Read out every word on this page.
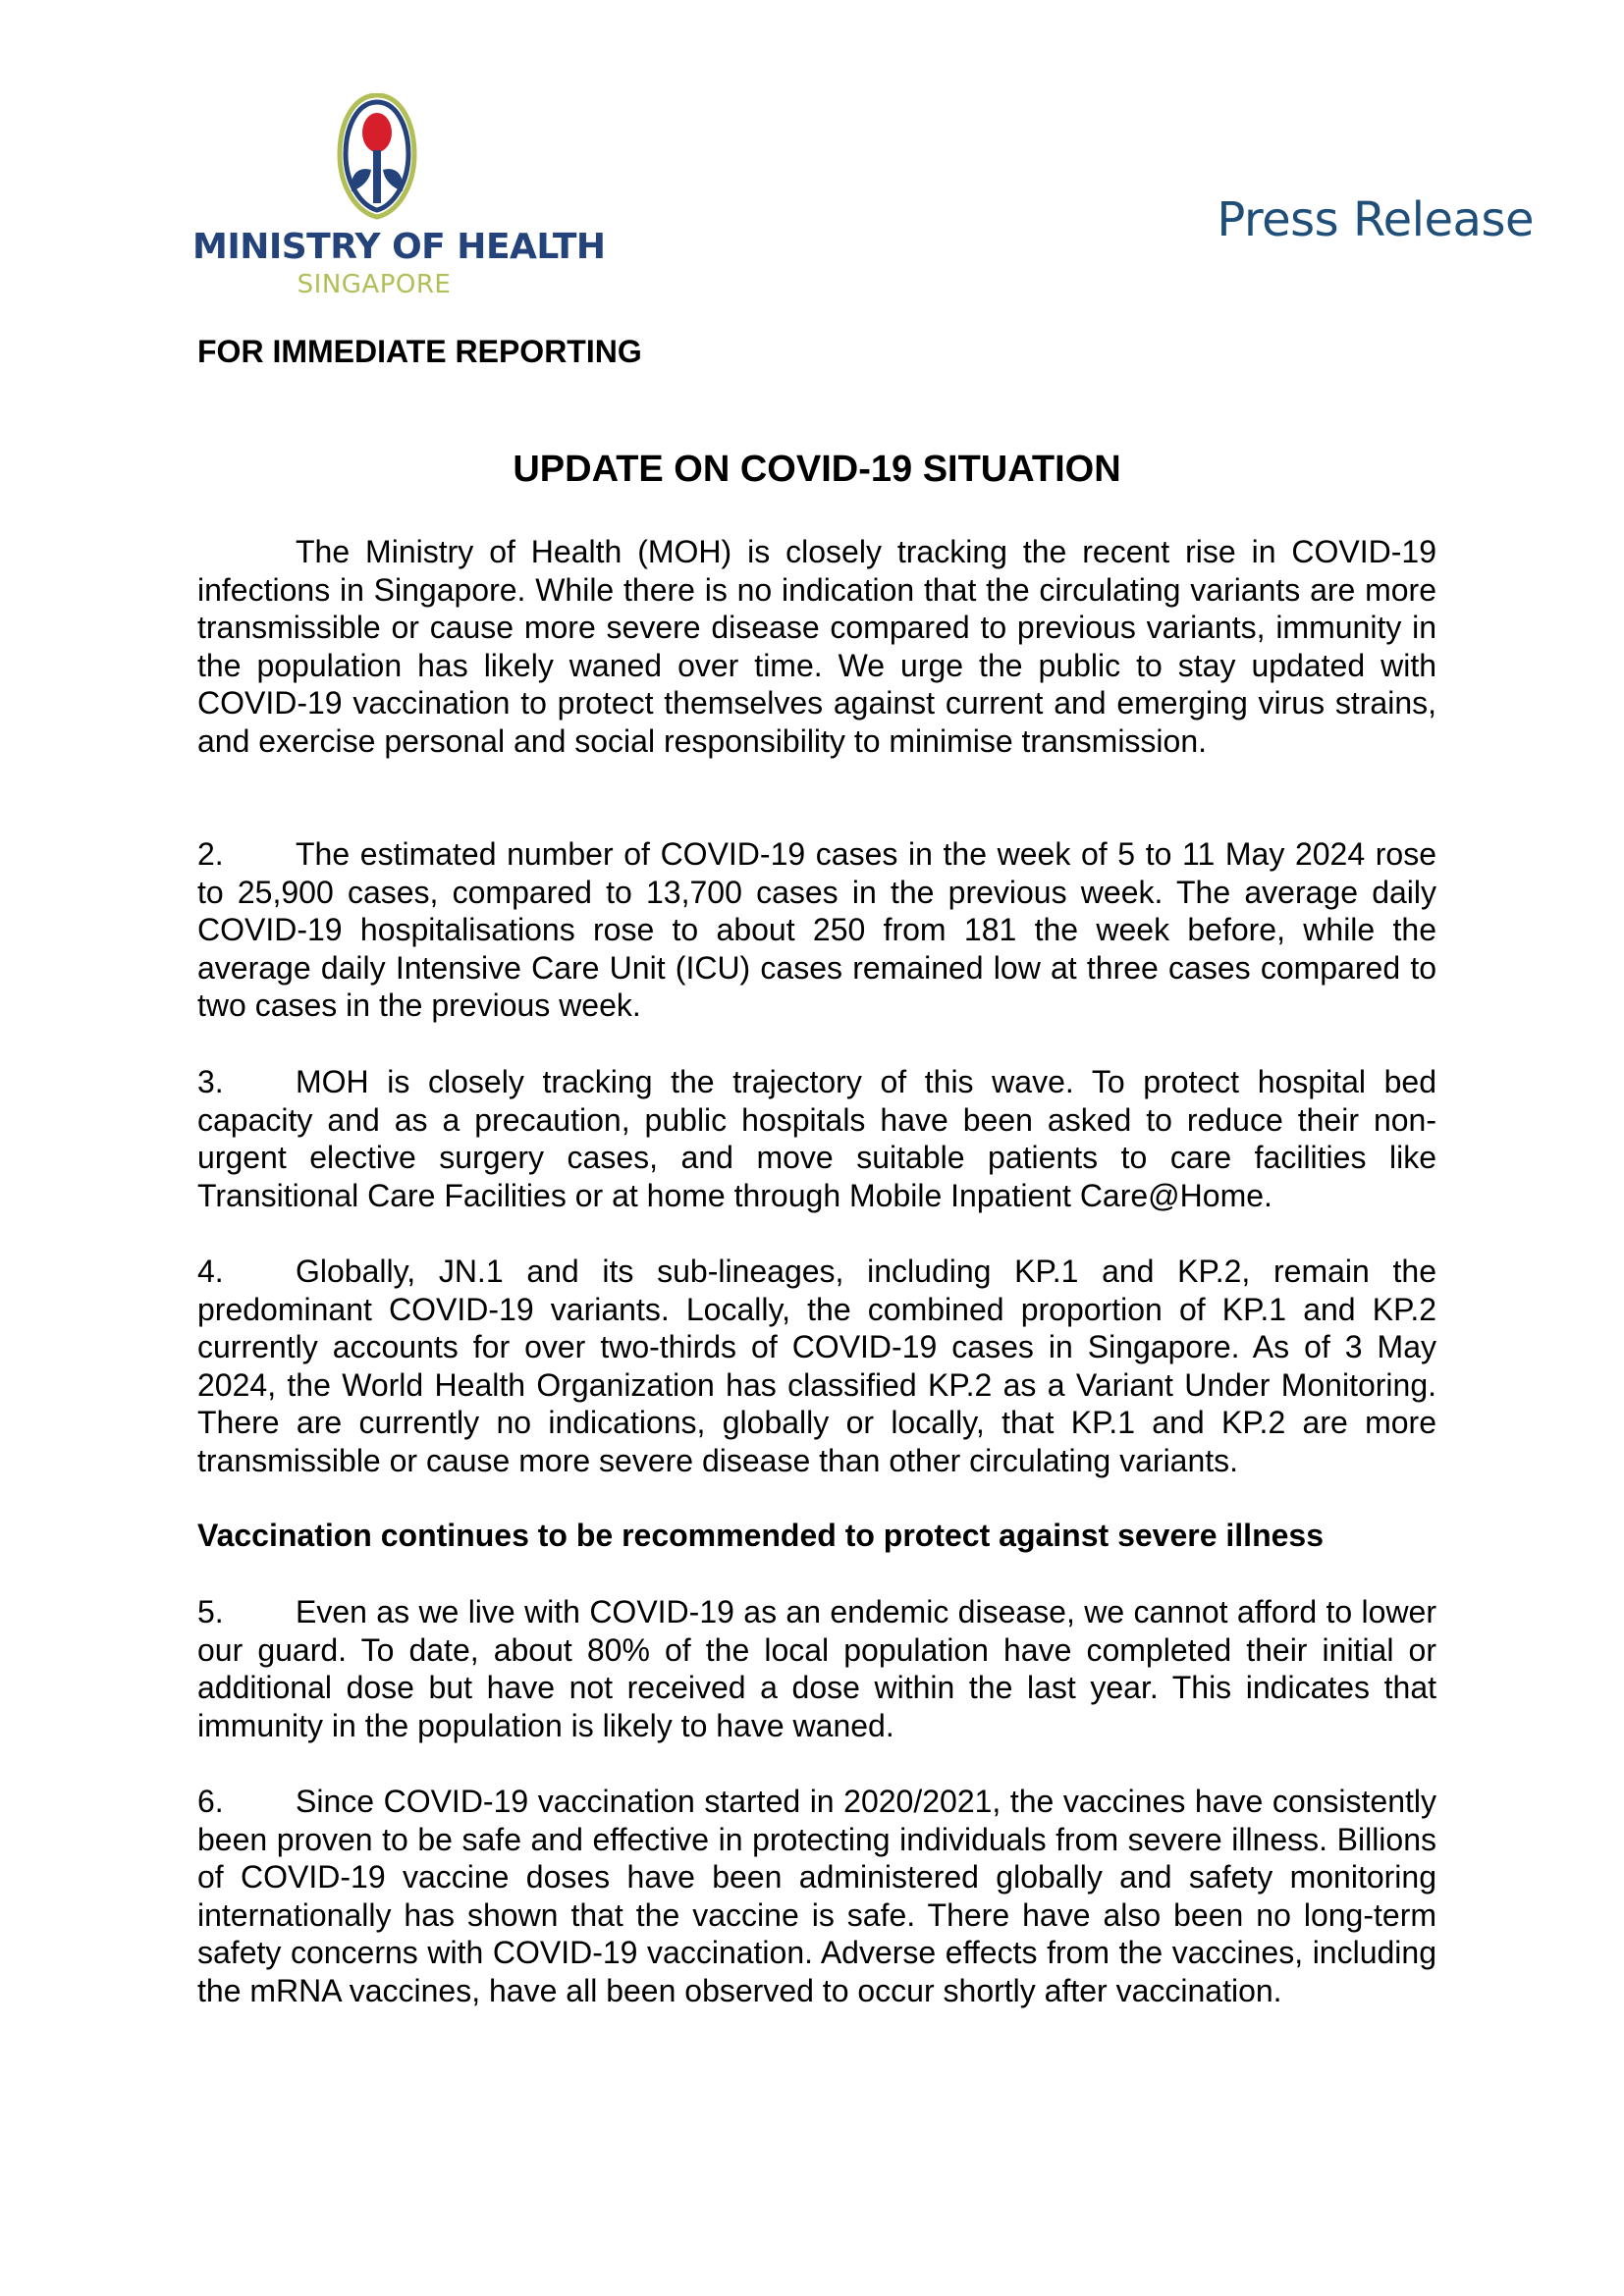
MINISTRY OF HEALTH
SINGAPORE
Press Release
FOR IMMEDIATE REPORTING
UPDATE ON COVID-19 SITUATION
The Ministry of Health (MOH) is closely tracking the recent rise in COVID-19 infections in Singapore. While there is no indication that the circulating variants are more transmissible or cause more severe disease compared to previous variants, immunity in the population has likely waned over time. We urge the public to stay updated with COVID-19 vaccination to protect themselves against current and emerging virus strains, and exercise personal and social responsibility to minimise transmission.
2. The estimated number of COVID-19 cases in the week of 5 to 11 May 2024 rose to 25,900 cases, compared to 13,700 cases in the previous week. The average daily COVID-19 hospitalisations rose to about 250 from 181 the week before, while the average daily Intensive Care Unit (ICU) cases remained low at three cases compared to two cases in the previous week.
3. MOH is closely tracking the trajectory of this wave. To protect hospital bed capacity and as a precaution, public hospitals have been asked to reduce their non-urgent elective surgery cases, and move suitable patients to care facilities like Transitional Care Facilities or at home through Mobile Inpatient Care@Home.
4. Globally, JN.1 and its sub-lineages, including KP.1 and KP.2, remain the predominant COVID-19 variants. Locally, the combined proportion of KP.1 and KP.2 currently accounts for over two-thirds of COVID-19 cases in Singapore. As of 3 May 2024, the World Health Organization has classified KP.2 as a Variant Under Monitoring. There are currently no indications, globally or locally, that KP.1 and KP.2 are more transmissible or cause more severe disease than other circulating variants.
Vaccination continues to be recommended to protect against severe illness
5. Even as we live with COVID-19 as an endemic disease, we cannot afford to lower our guard. To date, about 80% of the local population have completed their initial or additional dose but have not received a dose within the last year. This indicates that immunity in the population is likely to have waned.
6. Since COVID-19 vaccination started in 2020/2021, the vaccines have consistently been proven to be safe and effective in protecting individuals from severe illness. Billions of COVID-19 vaccine doses have been administered globally and safety monitoring internationally has shown that the vaccine is safe. There have also been no long-term safety concerns with COVID-19 vaccination. Adverse effects from the vaccines, including the mRNA vaccines, have all been observed to occur shortly after vaccination.
